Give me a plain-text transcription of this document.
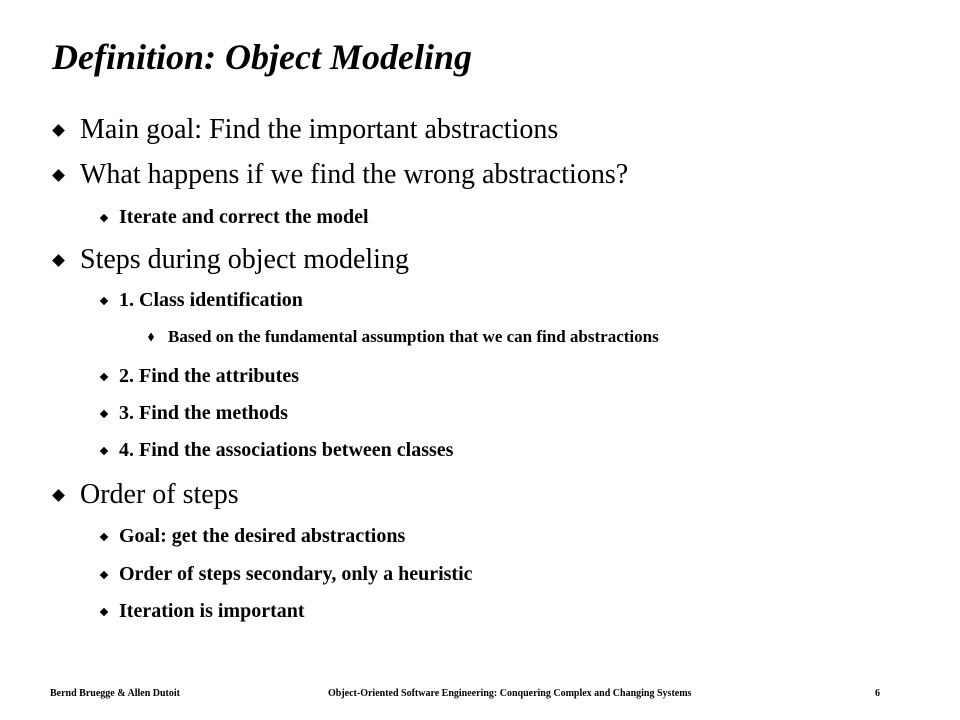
Definition: Object Modeling
Main goal: Find the important abstractions
What happens if we find the wrong abstractions?
Iterate and correct the model
Steps during object modeling
1. Class identification
Based on the fundamental assumption that we can find abstractions
2. Find the attributes
3. Find the methods
4. Find the associations between classes
Order of steps
Goal: get the desired abstractions
Order of steps secondary, only a heuristic
Iteration is important
Bernd Bruegge & Allen Dutoit	Object-Oriented Software Engineering: Conquering Complex and Changing Systems	6
